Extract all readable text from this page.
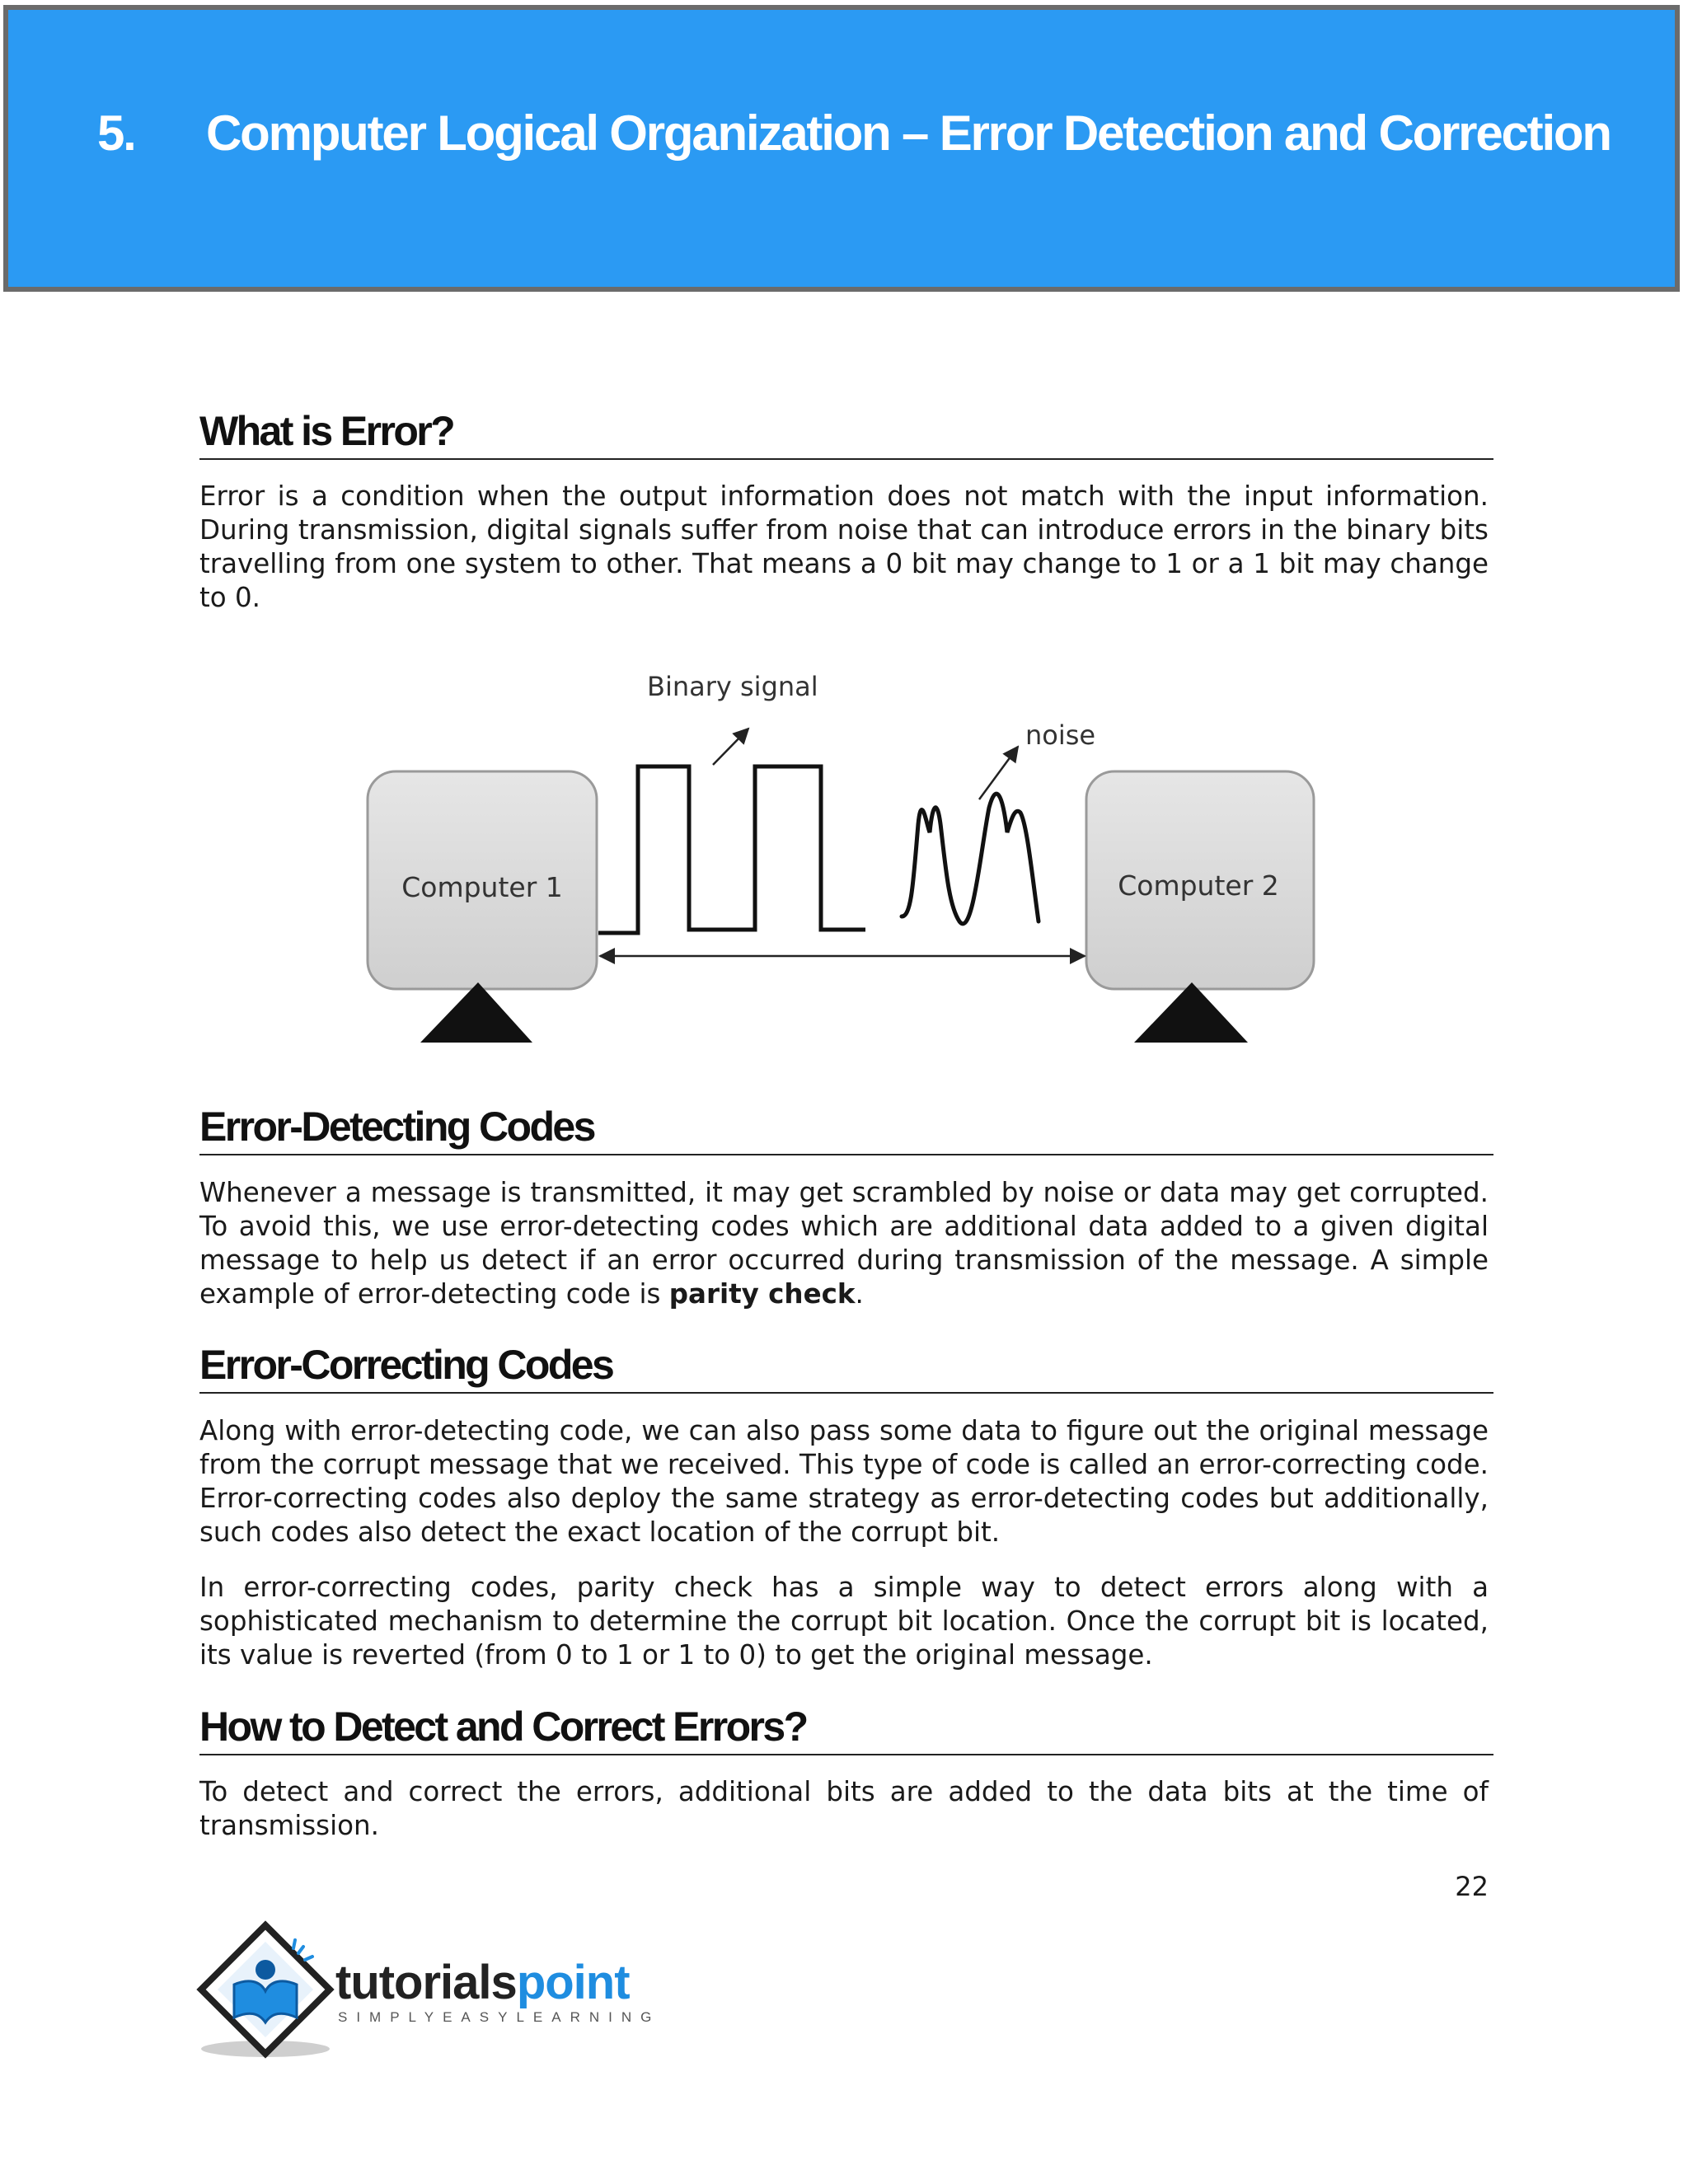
5. Computer Logical Organization – Error Detection and Correction
What is Error?

Error is a condition when the output information does not match with the input information. During transmission, digital signals suffer from noise that can introduce errors in the binary bits travelling from one system to other. That means a 0 bit may change to 1 or a 1 bit may change to 0.

Computer 1	Computer 2
Binary signal
noise
Error-Detecting Codes

Whenever a message is transmitted, it may get scrambled by noise or data may get corrupted. To avoid this, we use error-detecting codes which are additional data added to a given digital message to help us detect if an error occurred during transmission of the message. A simple example of error-detecting code is parity check.

Error-Correcting Codes

Along with error-detecting code, we can also pass some data to figure out the original message from the corrupt message that we received. This type of code is called an error-correcting code. Error-correcting codes also deploy the same strategy as error-detecting codes but additionally, such codes also detect the exact location of the corrupt bit.

In error-correcting codes, parity check has a simple way to detect errors along with a sophisticated mechanism to determine the corrupt bit location. Once the corrupt bit is located, its value is reverted (from 0 to 1 or 1 to 0) to get the original message.

How to Detect and Correct Errors?

To detect and correct the errors, additional bits are added to the data bits at the time of transmission.

22
tutorialspoint
SIMPLYEASYLEARNING
